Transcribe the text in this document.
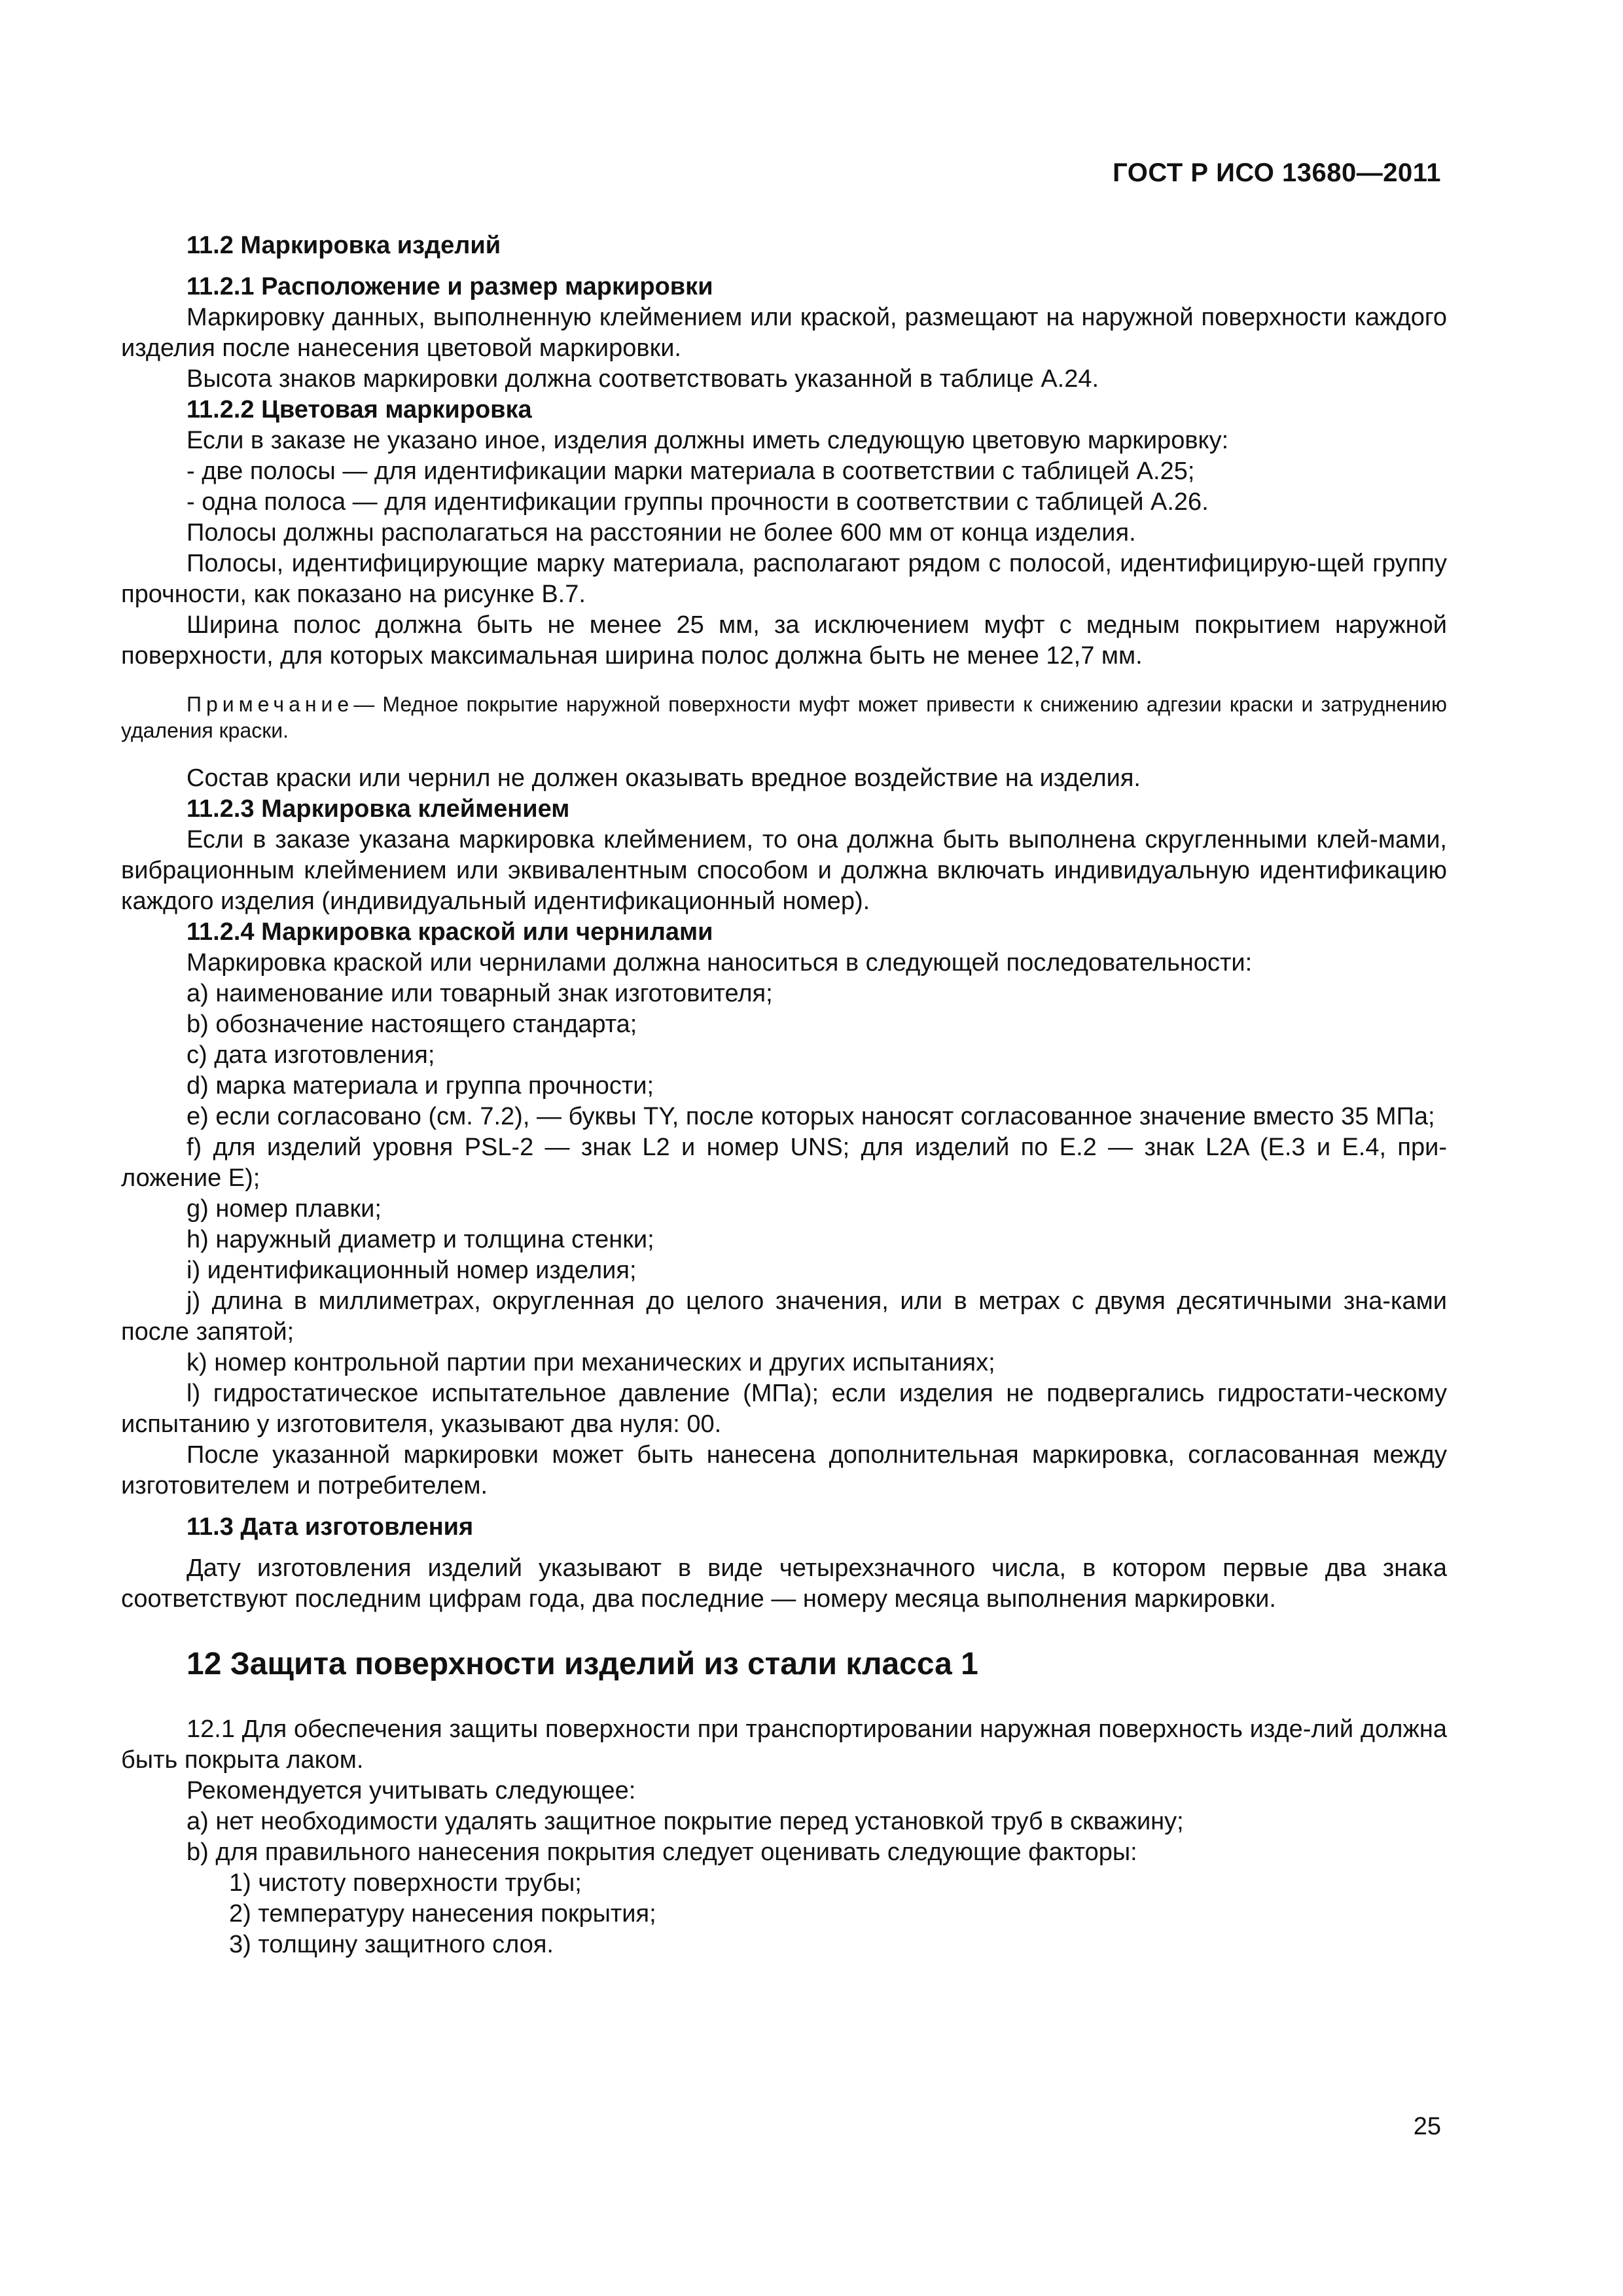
ГОСТ Р ИСО 13680—2011

11.2 Маркировка изделий

11.2.1 Расположение и размер маркировки

Маркировку данных, выполненную клеймением или краской, размещают на наружной поверхности каждого изделия после нанесения цветовой маркировки.

Высота знаков маркировки должна соответствовать указанной в таблице А.24.

11.2.2 Цветовая маркировка

Если в заказе не указано иное, изделия должны иметь следующую цветовую маркировку:

- две полосы — для идентификации марки материала в соответствии с таблицей А.25;

- одна полоса — для идентификации группы прочности в соответствии с таблицей А.26.

Полосы должны располагаться на расстоянии не более 600 мм от конца изделия.

Полосы, идентифицирующие марку материала, располагают рядом с полосой, идентифицирую-щей группу прочности, как показано на рисунке В.7.

Ширина полос должна быть не менее 25 мм, за исключением муфт с медным покрытием наружной поверхности, для которых максимальная ширина полос должна быть не менее 12,7 мм.

Примечание— Медное покрытие наружной поверхности муфт может привести к снижению адгезии краски и затруднению удаления краски.

Состав краски или чернил не должен оказывать вредное воздействие на изделия.

11.2.3 Маркировка клеймением

Если в заказе указана маркировка клеймением, то она должна быть выполнена скругленными клей-мами, вибрационным клеймением или эквивалентным способом и должна включать индивидуальную идентификацию каждого изделия (индивидуальный идентификационный номер).

11.2.4 Маркировка краской или чернилами

Маркировка краской или чернилами должна наноситься в следующей последовательности:

a) наименование или товарный знак изготовителя;

b) обозначение настоящего стандарта;

c) дата изготовления;

d) марка материала и группа прочности;

e) если согласовано (см. 7.2), — буквы TY, после которых наносят согласованное значение вместо 35 МПа;

f) для изделий уровня PSL-2 — знак L2 и номер UNS; для изделий по Е.2 — знак L2A (Е.3 и Е.4, при-ложение Е);

g) номер плавки;

h) наружный диаметр и толщина стенки;

i) идентификационный номер изделия;

j) длина в миллиметрах, округленная до целого значения, или в метрах с двумя десятичными зна-ками после запятой;

k) номер контрольной партии при механических и других испытаниях;

l) гидростатическое испытательное давление (МПа); если изделия не подвергались гидростати-ческому испытанию у изготовителя, указывают два нуля: 00.

После указанной маркировки может быть нанесена дополнительная маркировка, согласованная между изготовителем и потребителем.

11.3 Дата изготовления

Дату изготовления изделий указывают в виде четырехзначного числа, в котором первые два знака соответствуют последним цифрам года, два последние — номеру месяца выполнения маркировки.

12 Защита поверхности изделий из стали класса 1

12.1 Для обеспечения защиты поверхности при транспортировании наружная поверхность изде-лий должна быть покрыта лаком.

Рекомендуется учитывать следующее:

a) нет необходимости удалять защитное покрытие перед установкой труб в скважину;

b) для правильного нанесения покрытия следует оценивать следующие факторы:

1) чистоту поверхности трубы;

2) температуру нанесения покрытия;

3) толщину защитного слоя.

25
